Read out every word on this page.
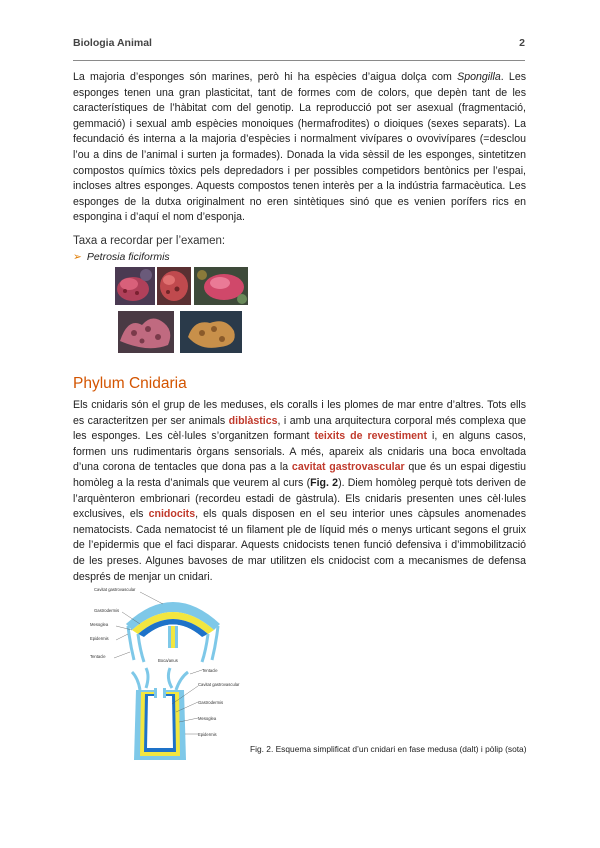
Biologia Animal	2
La majoria d’esponges són marines, però hi ha espècies d’aigua dolça com Spongilla. Les esponges tenen una gran plasticitat, tant de formes com de colors, que depèn tant de les característiques de l’hàbitat com del genotip. La reproducció pot ser asexual (fragmentació, gemmació) i sexual amb espècies monoiques (hermafrodites) o dioiques (sexes separats). La fecundació és interna a la majoria d’espècies i normalment vivípares o ovovivípares (=desclou l’ou a dins de l’animal i surten ja formades). Donada la vida sèssil de les esponges, sintetitzen compostos químics tòxics pels depredadors i per possibles competidors bentònics per l’espai, incloses altres esponges. Aquests compostos tenen interès per a la indústria farmacèutica. Les esponges de la dutxa originalment no eren sintètiques sinó que es venien porífers rics en espongina i d’aquí el nom d’esponja.
Taxa a recordar per l’examen:
➢ Petrosia ficiformis
Phylum Cnidaria
Els cnidaris són el grup de les meduses, els coralls i les plomes de mar entre d’altres. Tots ells es caracteritzen per ser animals diblàstics, i amb una arquitectura corporal més complexa que les esponges. Les cèl·lules s’organitzen formant teixits de revestiment i, en alguns casos, formen uns rudimentaris òrgans sensorials. A més, apareix als cnidaris una boca envoltada d’una corona de tentacles que dona pas a la cavitat gastrovascular que és un espai digestiu homòleg a la resta d’animals que veurem al curs (Fig. 2). Diem homòleg perquè tots deriven de l’arquènteron embrionari (recordeu estadi de gàstrula). Els cnidaris presenten unes cèl·lules exclusives, els cnidocits, els quals disposen en el seu interior unes càpsules anomenades nematocists. Cada nematocist té un filament ple de líquid més o menys urticant segons el gruix de l’epidermis que el faci disparar. Aquests cnidocists tenen funció defensiva i d’immobilització de les preses. Algunes bavoses de mar utilitzen els cnidocist com a mecanismes de defensa després de menjar un cnidari.
Cavitat gastrovascular
Gastrodermis
Mesoglea
Epidermis
Tentacle
Boca/anus
Tentacle
Cavitat gastrovascular
Gastrodermis
Mesoglea
Epidermis
Fig. 2. Esquema simplificat d’un cnidari en fase medusa (dalt) i pòlip (sota)
